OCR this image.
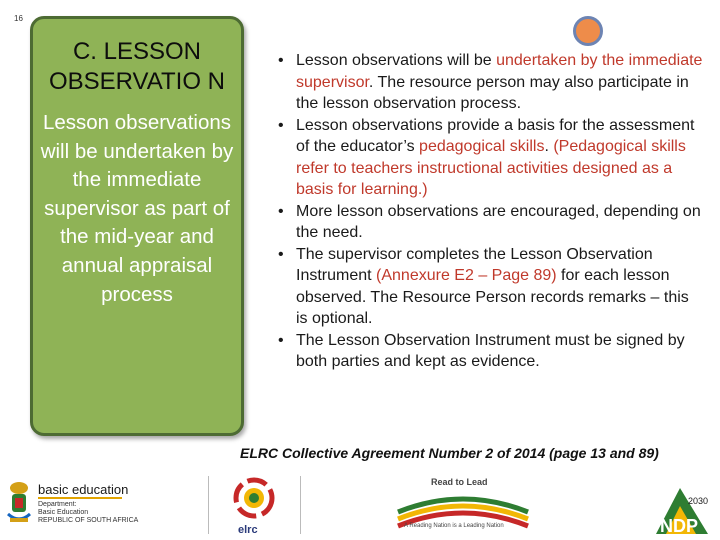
16
C. LESSON OBSERVATIO N
Lesson observations will be undertaken by the immediate supervisor as part of the mid-year and annual appraisal process
• Lesson observations will be undertaken by the immediate supervisor. The resource person may also participate in the lesson observation process.
• Lesson observations provide a basis for the assessment of the educator’s pedagogical skills. (Pedagogical skills refer to teachers instructional activities designed as a basis for learning.)
• More lesson observations are encouraged, depending on the need.
• The supervisor completes the Lesson Observation Instrument (Annexure E2 – Page 89) for each lesson observed. The Resource Person records remarks – this is optional.
• The Lesson Observation Instrument must be signed by both parties and kept as evidence.
ELRC Collective Agreement Number 2 of 2014 (page 13 and 89)
basic education
Department:
Basic Education
REPUBLIC OF SOUTH AFRICA
elrc
Read to Lead
A Reading Nation is a Leading Nation
2030
NDP
